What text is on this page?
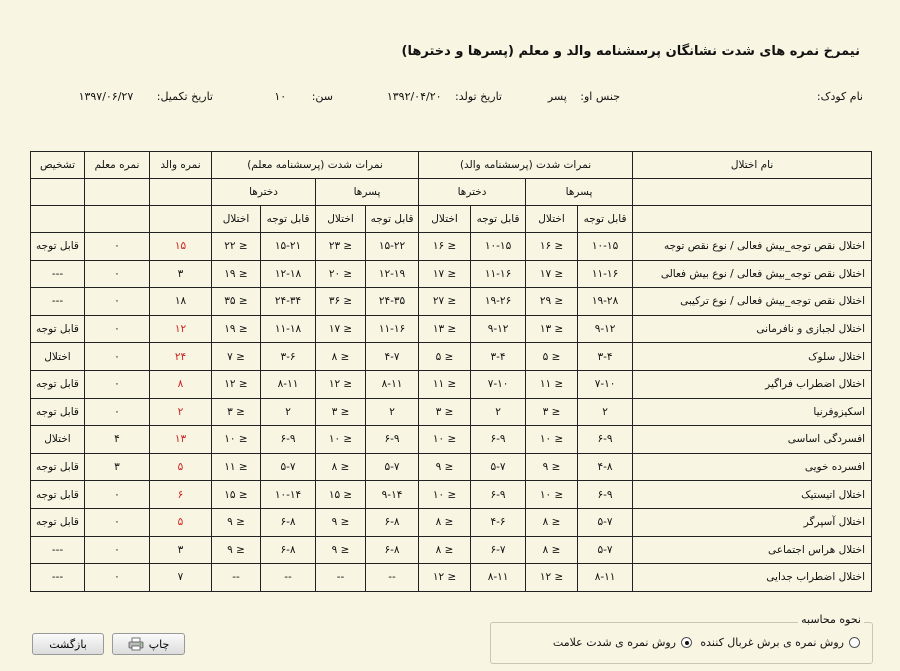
نیمرخ نمره های شدت نشانگان پرسشنامه والد و معلم (پسرها و دخترها)
نام کودک:
جنس او: پسر
تاریخ تولد: ۱۳۹۲/۰۴/۲۰
سن: ۱۰
تاریخ تکمیل: ۱۳۹۷/۰۶/۲۷
نام اختلال	نمرات شدت (پرسشنامه والد)				نمرات شدت (پرسشنامه معلم)				نمره والد	نمره معلم	تشخیص
	پسرها		دخترها		پسرها		دخترها				
	قابل توجه	اختلال	قابل توجه	اختلال	قابل توجه	اختلال	قابل توجه	اختلال			
اختلال نقص توجه_بیش فعالی / نوع نقص توجه	۱۰-۱۵	≤ ۱۶	۱۰-۱۵	≤ ۱۶	۱۵-۲۲	≤ ۲۳	۱۵-۲۱	≤ ۲۲	۱۵	۰	قابل توجه
اختلال نقص توجه_بیش فعالی / نوع بیش فعالی	۱۱-۱۶	≤ ۱۷	۱۱-۱۶	≤ ۱۷	۱۲-۱۹	≤ ۲۰	۱۲-۱۸	≤ ۱۹	۳	۰	---
اختلال نقص توجه_بیش فعالی / نوع ترکیبی	۱۹-۲۸	≤ ۲۹	۱۹-۲۶	≤ ۲۷	۲۴-۳۵	≤ ۳۶	۲۴-۳۴	≤ ۳۵	۱۸	۰	---
اختلال لجبازی و نافرمانی	۹-۱۲	≤ ۱۳	۹-۱۲	≤ ۱۳	۱۱-۱۶	≤ ۱۷	۱۱-۱۸	≤ ۱۹	۱۲	۰	قابل توجه
اختلال سلوک	۳-۴	≤ ۵	۳-۴	≤ ۵	۴-۷	≤ ۸	۳-۶	≤ ۷	۲۴	۰	اختلال
اختلال اضطراب فراگیر	۷-۱۰	≤ ۱۱	۷-۱۰	≤ ۱۱	۸-۱۱	≤ ۱۲	۸-۱۱	≤ ۱۲	۸	۰	قابل توجه
اسکیزوفرنیا	۲	≤ ۳	۲	≤ ۳	۲	≤ ۳	۲	≤ ۳	۲	۰	قابل توجه
افسردگی اساسی	۶-۹	≤ ۱۰	۶-۹	≤ ۱۰	۶-۹	≤ ۱۰	۶-۹	≤ ۱۰	۱۳	۴	اختلال
افسرده خویی	۴-۸	≤ ۹	۵-۷	≤ ۹	۵-۷	≤ ۸	۵-۷	≤ ۱۱	۵	۳	قابل توجه
اختلال اتیستیک	۶-۹	≤ ۱۰	۶-۹	≤ ۱۰	۹-۱۴	≤ ۱۵	۱۰-۱۴	≤ ۱۵	۶	۰	قابل توجه
اختلال آسپرگر	۵-۷	≤ ۸	۴-۶	≤ ۸	۶-۸	≤ ۹	۶-۸	≤ ۹	۵	۰	قابل توجه
اختلال هراس اجتماعی	۵-۷	≤ ۸	۶-۷	≤ ۸	۶-۸	≤ ۹	۶-۸	≤ ۹	۳	۰	---
اختلال اضطراب جدایی	۸-۱۱	≤ ۱۲	۸-۱۱	≤ ۱۲	--	--	--	--	۷	۰	---
نحوه محاسبه
روش نمره ی برش غربال کننده
روش نمره ی شدت علامت
چاپ
بازگشت
